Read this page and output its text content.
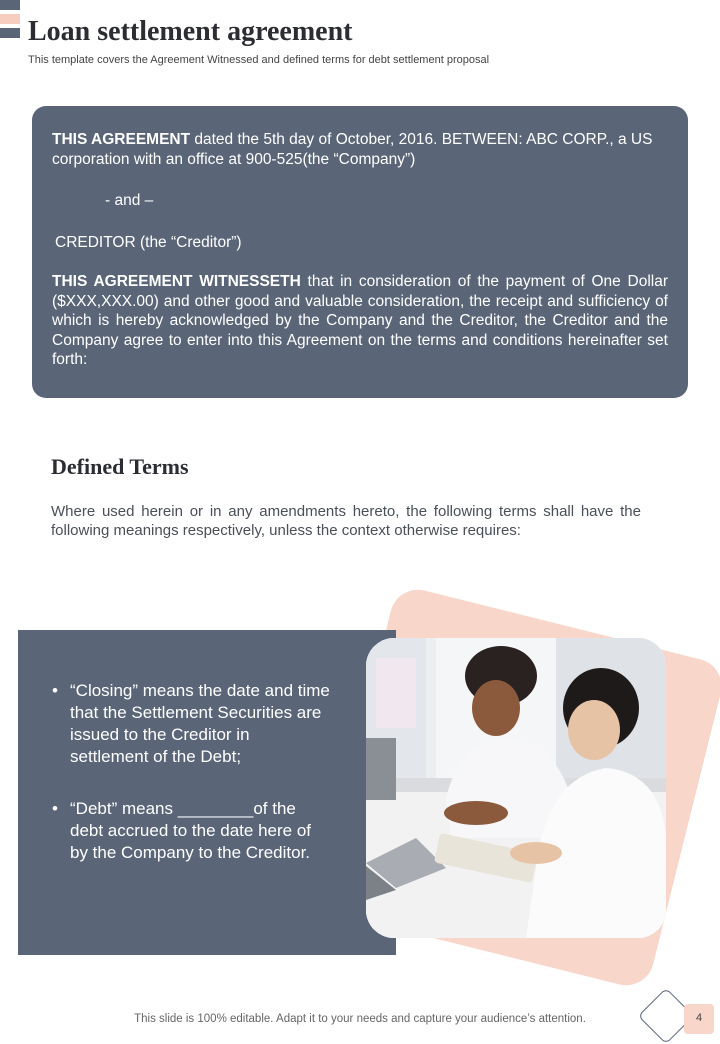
Loan settlement agreement

This template covers the Agreement Witnessed and defined terms for debt settlement proposal

THIS AGREEMENT dated the 5th day of October, 2016. BETWEEN: ABC CORP., a US corporation with an office at 900-525(the “Company”)

- and –

CREDITOR (the “Creditor”)

THIS AGREEMENT WITNESSETH that in consideration of the payment of One Dollar ($XXX,XXX.00) and other good and valuable consideration, the receipt and sufficiency of which is hereby acknowledged by the Company and the Creditor, the Creditor and the Company agree to enter into this Agreement on the terms and conditions hereinafter set forth:

Defined Terms

Where used herein or in any amendments hereto, the following terms shall have the following meanings respectively, unless the context otherwise requires:

• “Closing” means the date and time that the Settlement Securities are issued to the Creditor in settlement of the Debt;
• “Debt” means ________of the debt accrued to the date here of by the Company to the Creditor.
This slide is 100% editable. Adapt it to your needs and capture your audience’s attention.	4
